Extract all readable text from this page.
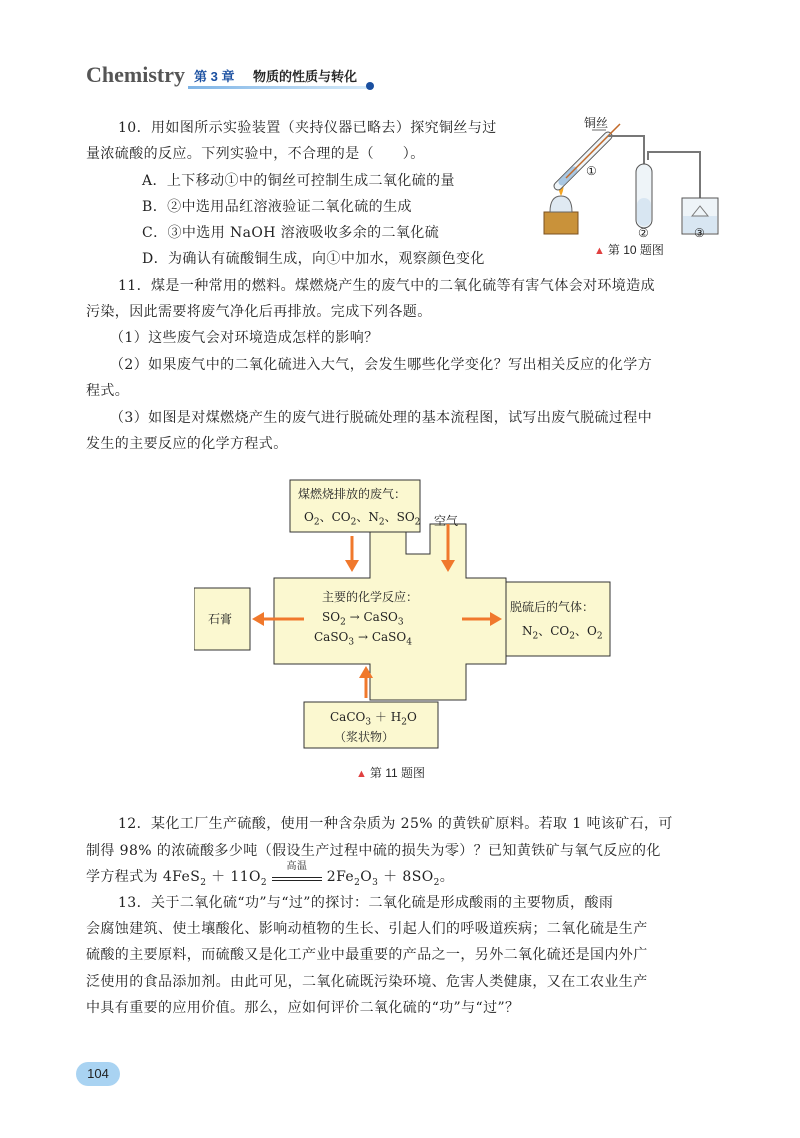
Chemistry 第 3 章 物质的性质与转化
10．用如图所示实验装置（夹持仪器已略去）探究铜丝与过
量浓硫酸的反应。下列实验中，不合理的是（　　）。
A．上下移动①中的铜丝可控制生成二氧化硫的量
B．②中选用品红溶液验证二氧化硫的生成
C．③中选用 NaOH 溶液吸收多余的二氧化硫
D．为确认有硫酸铜生成，向①中加水，观察颜色变化
铜丝
①
②	③
▲ 第 10 题图
11．煤是一种常用的燃料。煤燃烧产生的废气中的二氧化硫等有害气体会对环境造成
污染，因此需要将废气净化后再排放。完成下列各题。
（1）这些废气会对环境造成怎样的影响？
（2）如果废气中的二氧化硫进入大气，会发生哪些化学变化？写出相关反应的化学方
程式。
（3）如图是对煤燃烧产生的废气进行脱硫处理的基本流程图，试写出废气脱硫过程中
发生的主要反应的化学方程式。
煤燃烧排放的废气：
$O_2$、$CO_2$、$N_2$、$SO_2$ 空气
主要的化学反应：
$SO_2$ → CaSO$_3$
CaSO$_3$ → CaSO$_4$
石膏
脱硫后的气体：
$N_2$、$CO_2$、$O_2$
CaCO$_3$ ＋ $H_2O$
（浆状物）
▲ 第 11 题图
12．某化工厂生产硫酸，使用一种含杂质为 25% 的黄铁矿原料。若取 1 吨该矿石，可
制得 98% 的浓硫酸多少吨（假设生产过程中硫的损失为零）？已知黄铁矿与氧气反应的化
学方程式为 $4FeS_2 + 11O_2$
高温
$2Fe_2O_3 + 8SO_2$。
13．关于二氧化硫“功”与“过”的探讨：二氧化硫是形成酸雨的主要物质，酸雨
会腐蚀建筑、使土壤酸化、影响动植物的生长、引起人们的呼吸道疾病；二氧化硫是生产
硫酸的主要原料，而硫酸又是化工产业中最重要的产品之一，另外二氧化硫还是国内外广
泛使用的食品添加剂。由此可见，二氧化硫既污染环境、危害人类健康，又在工农业生产
中具有重要的应用价值。那么，应如何评价二氧化硫的“功”与“过”？
104
